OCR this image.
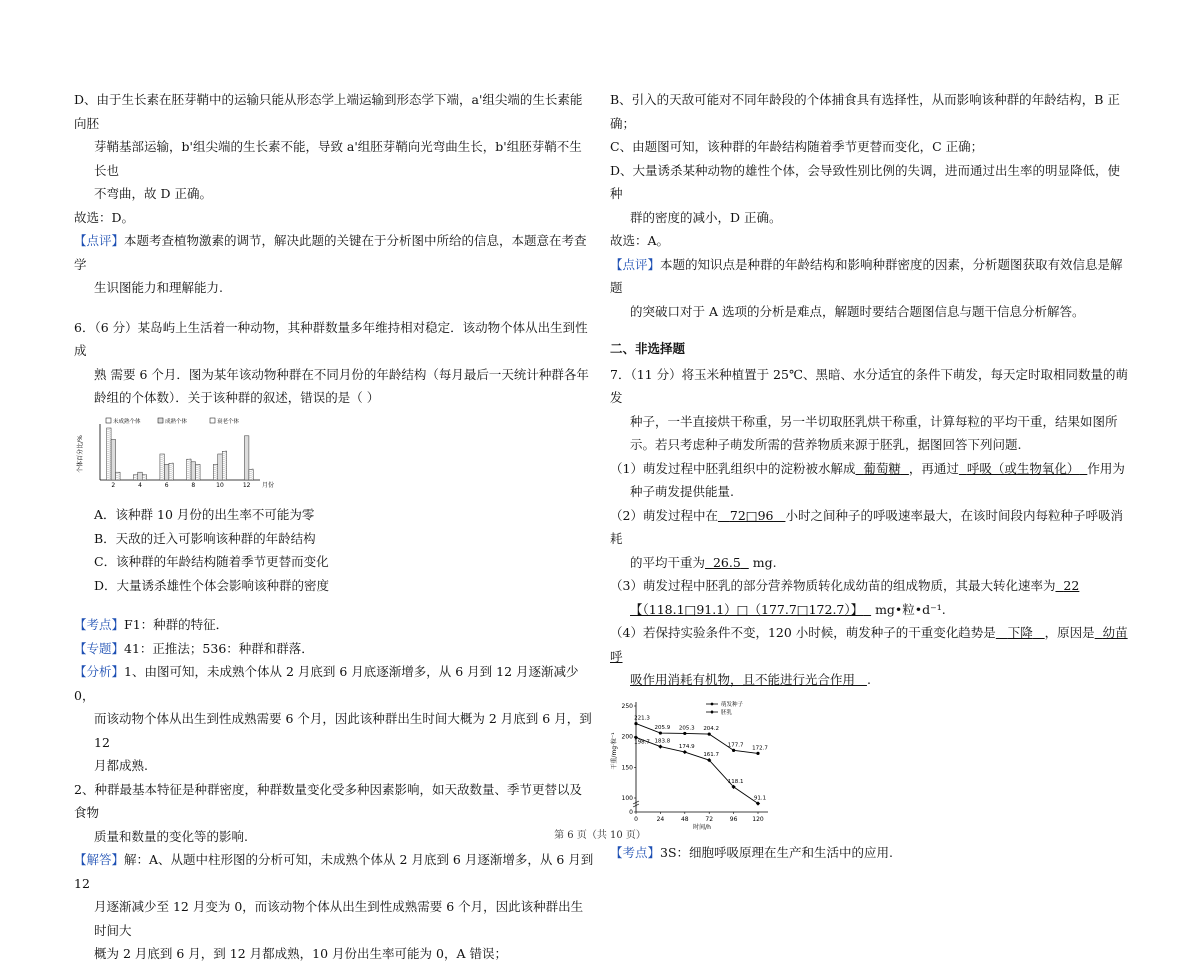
D、由于生长素在胚芽鞘中的运输只能从形态学上端运输到形态学下端，a'组尖端的生长素能向胚

芽鞘基部运输，b'组尖端的生长素不能，导致 a'组胚芽鞘向光弯曲生长，b'组胚芽鞘不生长也

不弯曲，故 D 正确。

故选：D。

【点评】本题考查植物激素的调节，解决此题的关键在于分析图中所给的信息，本题意在考查学

生识图能力和理解能力.

6．（6 分）某岛屿上生活着一种动物，其种群数量多年维持相对稳定．该动物个体从出生到性成

熟 需要 6 个月．图为某年该动物种群在不同月份的年龄结构（每月最后一天统计种群各年

龄组的个体数）．关于该种群的叙述，错误的是（ ）

个体百分比/%
未成熟个体	成熟个体	衰老个体
2	4	6	8	10	12 月份

A．该种群 10 月份的出生率不可能为零

B．天敌的迁入可影响该种群的年龄结构

C．该种群的年龄结构随着季节更替而变化

D．大量诱杀雄性个体会影响该种群的密度

【考点】F1：种群的特征．

【专题】41：正推法；536：种群和群落．

【分析】1、由图可知，未成熟个体从 2 月底到 6 月底逐渐增多，从 6 月到 12 月逐渐减少 0，

而该动物个体从出生到性成熟需要 6 个月，因此该种群出生时间大概为 2 月底到 6 月，到 12

月都成熟.

2、种群最基本特征是种群密度，种群数量变化受多种因素影响，如天敌数量、季节更替以及食物

质量和数量的变化等的影响.

【解答】解：A、从题中柱形图的分析可知，未成熟个体从 2 月底到 6 月逐渐增多，从 6 月到 12

月逐渐减少至 12 月变为 0，而该动物个体从出生到性成熟需要 6 个月，因此该种群出生时间大

概为 2 月底到 6 月，到 12 月都成熟，10 月份出生率可能为 0，A 错误；

B、引入的天敌可能对不同年龄段的个体捕食具有选择性，从而影响该种群的年龄结构，B 正确；

C、由题图可知，该种群的年龄结构随着季节更替而变化，C 正确；

D、大量诱杀某种动物的雄性个体，会导致性别比例的失调，进而通过出生率的明显降低，使种

群的密度的减小，D 正确。

故选：A。

【点评】本题的知识点是种群的年龄结构和影响种群密度的因素，分析题图获取有效信息是解题

的突破口对于 A 选项的分析是难点，解题时要结合题图信息与题干信息分析解答。

二、非选择题

7．（11 分）将玉米种植置于 25℃、黑暗、水分适宜的条件下萌发，每天定时取相同数量的萌发

种子，一半直接烘干称重，另一半切取胚乳烘干称重，计算每粒的平均干重，结果如图所

示。若只考虑种子萌发所需的营养物质来源于胚乳，据图回答下列问题.

（1）萌发过程中胚乳组织中的淀粉被水解成 葡萄糖 ，再通过 呼吸（或生物氧化） 作用为

种子萌发提供能量.

（2）萌发过程中在 72□96 小时之间种子的呼吸速率最大，在该时间段内每粒种子呼吸消耗

的平均干重为 26.5 mg.

（3）萌发过程中胚乳的部分营养物质转化成幼苗的组成物质，其最大转化速率为 22

【（118.1□91.1）□（177.7□172.7）】 mg•粒•d⁻¹.

（4）若保持实验条件不变，120 小时候，萌发种子的干重变化趋势是 下降 ，原因是 幼苗呼

吸作用消耗有机物，且不能进行光合作用 .

干重/mg·粒⁻¹
0
100
150
200
250
0	24	48	72	96 120
时间/h
221.3
205.9 205.3 204.2
177.7
172.7
萌发种子
198.7 183.8
174.9
161.7
118.1
91.1
胚乳

【考点】3S：细胞呼吸原理在生产和生活中的应用.

第 6 页（共 10 页）
